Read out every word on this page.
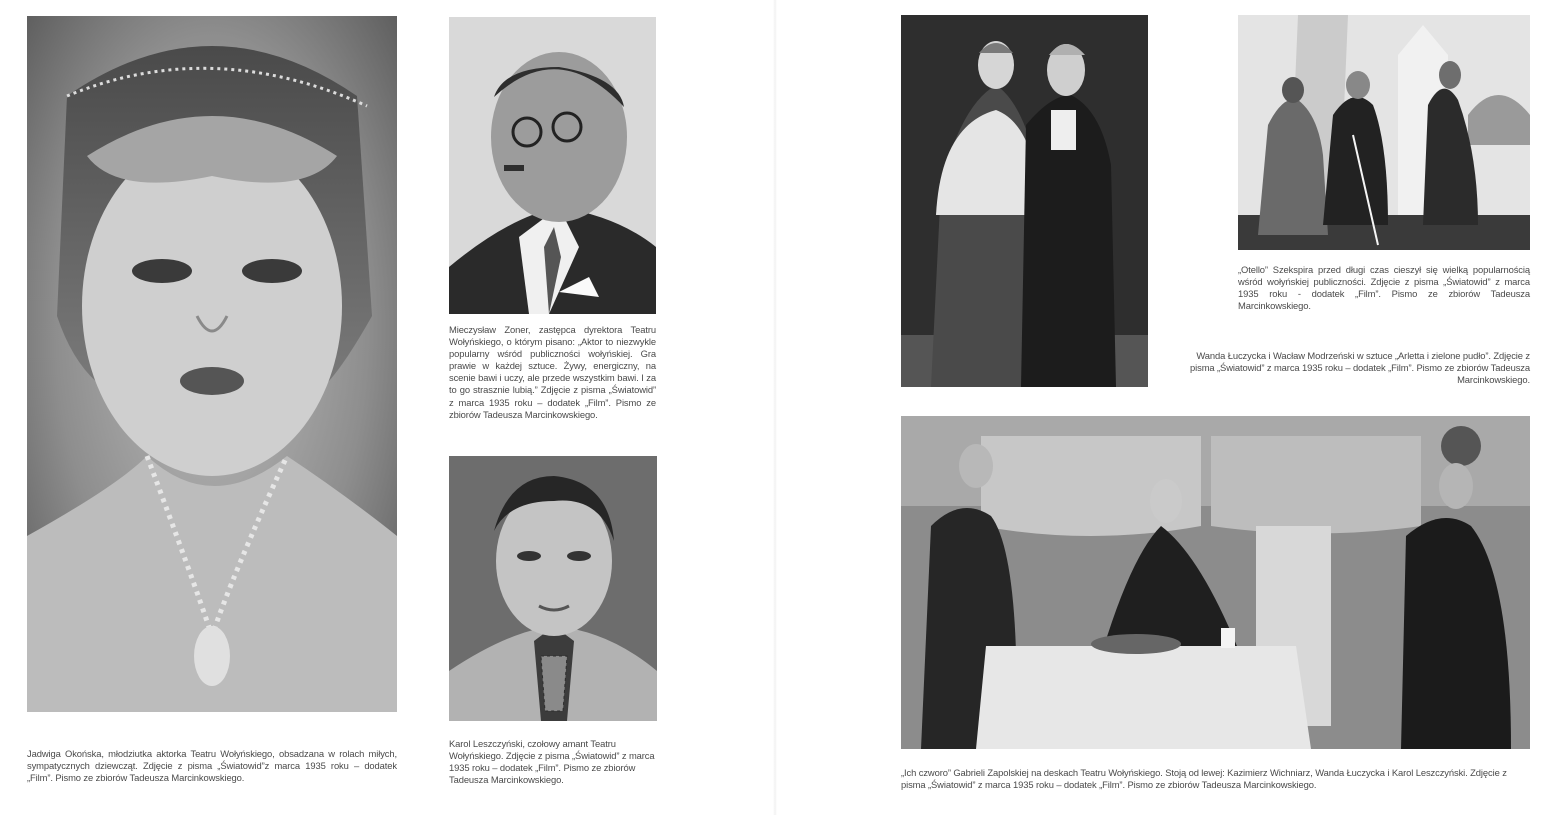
Jadwiga Okońska, młodziutka aktorka Teatru Wołyńskiego, obsadzana w rolach miłych, sympatycznych dziewcząt. Zdjęcie z pisma „Światowid”z marca 1935 roku – dodatek „Film”. Pismo ze zbiorów Tadeusza Marcinkowskiego.
Mieczysław Zoner, zastępca dyrektora Teatru Wołyńskiego, o którym pisano: „Aktor to niezwykle popularny wśród publiczności wołyńskiej. Gra prawie w każdej sztuce. Żywy, energiczny, na scenie bawi i uczy, ale przede wszystkim bawi. I za to go strasznie lubią.” Zdjęcie z pisma „Światowid” z marca 1935 roku – dodatek „Film”. Pismo ze zbiorów Tadeusza Marcinkowskiego.
Karol Leszczyński, czołowy amant Teatru Wołyńskiego. Zdjęcie z pisma „Światowid” z marca 1935 roku – dodatek „Film”. Pismo ze zbiorów Tadeusza Marcinkowskiego.
„Otello” Szekspira przed długi czas cieszył się wielką popularnością wśród wołyńskiej publiczności. Zdjęcie z pisma „Światowid” z marca 1935 roku - dodatek „Film”. Pismo ze zbiorów Tadeusza Marcinkowskiego.
Wanda Łuczycka i Wacław Modrzeński w sztuce „Arletta i zielone pudło”. Zdjęcie z pisma „Światowid” z marca 1935 roku – dodatek „Film”. Pismo ze zbiorów Tadeusza Marcinkowskiego.
„Ich czworo” Gabrieli Zapolskiej na deskach Teatru Wołyńskiego. Stoją od lewej: Kazimierz Wichniarz, Wanda Łuczycka i Karol Leszczyński. Zdjęcie z pisma „Światowid” z marca 1935 roku – dodatek „Film”. Pismo ze zbiorów Tadeusza Marcinkowskiego.
